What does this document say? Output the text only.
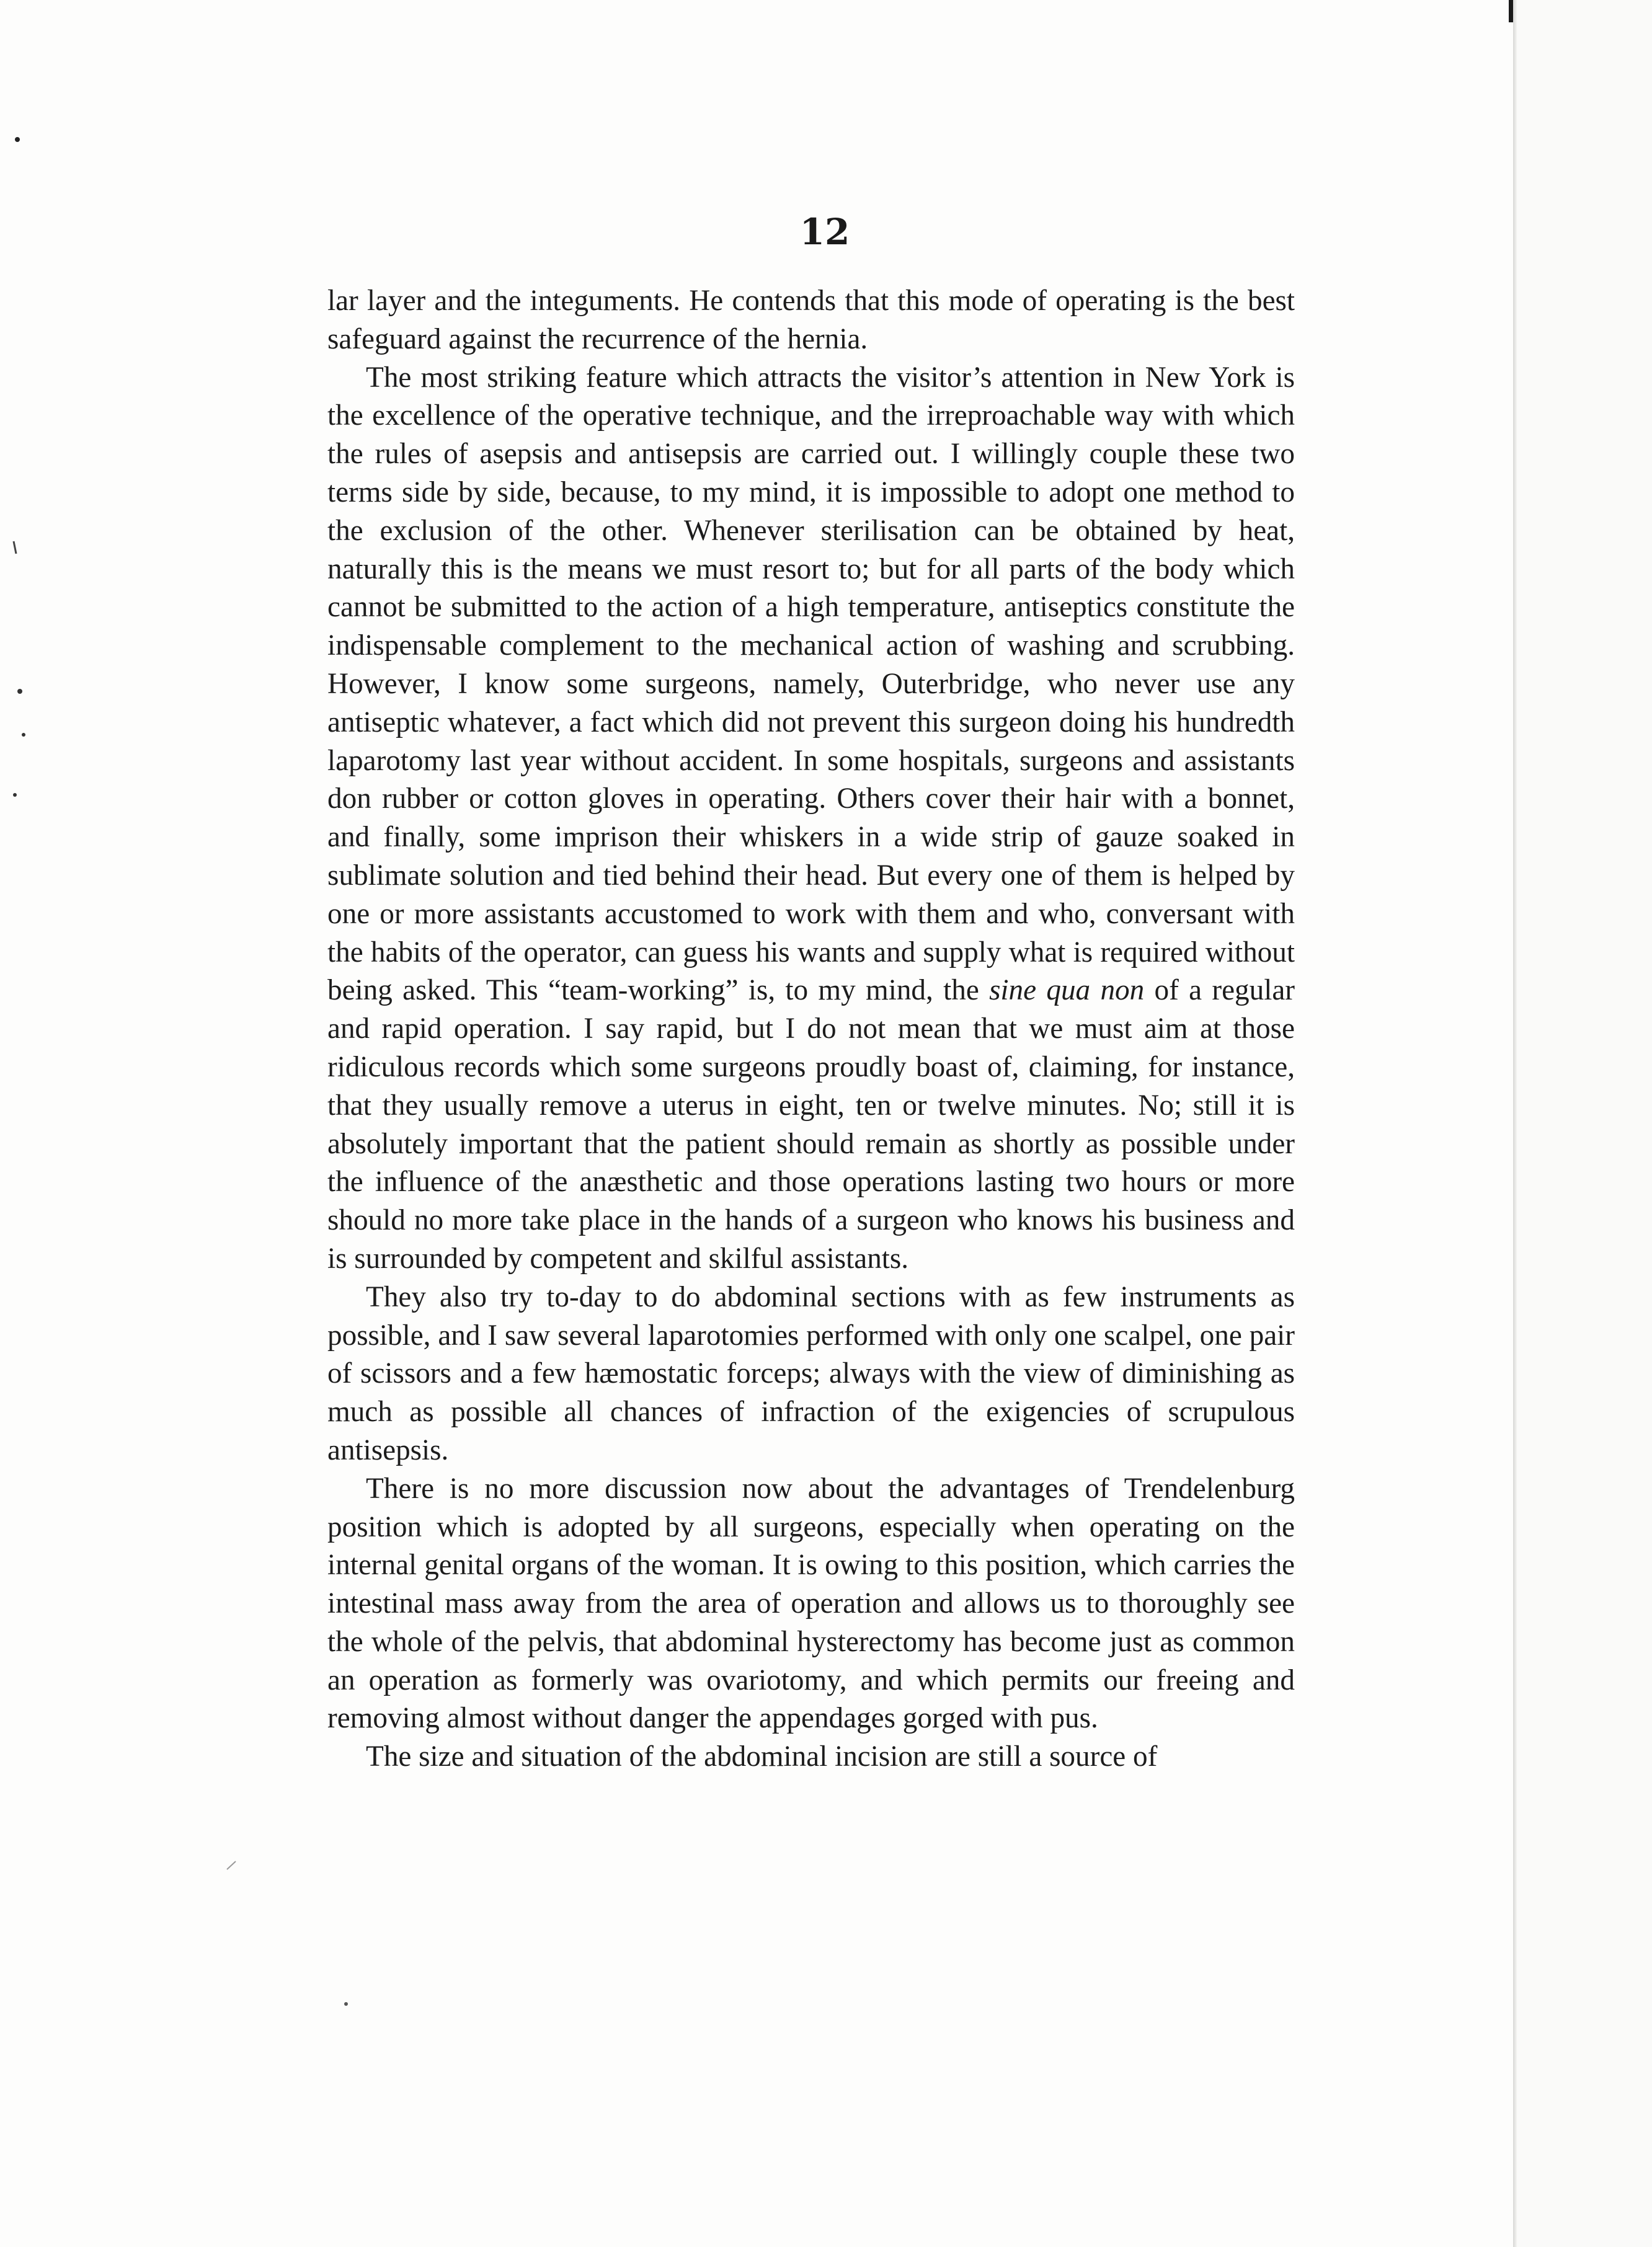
12

lar layer and the integuments. He contends that this mode of operating is the best safeguard against the recurrence of the hernia.

The most striking feature which attracts the visitor’s attention in New York is the excellence of the operative technique, and the irreproachable way with which the rules of asepsis and antisepsis are carried out. I willingly couple these two terms side by side, because, to my mind, it is impossible to adopt one method to the exclusion of the other. Whenever sterilisation can be obtained by heat, naturally this is the means we must resort to; but for all parts of the body which cannot be submitted to the action of a high temperature, antiseptics constitute the indispensable complement to the mechanical action of washing and scrubbing. However, I know some surgeons, namely, Outerbridge, who never use any antiseptic whatever, a fact which did not prevent this surgeon doing his hundredth laparotomy last year without accident. In some hospitals, surgeons and assistants don rubber or cotton gloves in operating. Others cover their hair with a bonnet, and finally, some imprison their whiskers in a wide strip of gauze soaked in sublimate solution and tied behind their head. But every one of them is helped by one or more assistants accustomed to work with them and who, conversant with the habits of the operator, can guess his wants and supply what is required without being asked. This “team-working” is, to my mind, the sine qua non of a regular and rapid operation. I say rapid, but I do not mean that we must aim at those ridiculous records which some surgeons proudly boast of, claiming, for instance, that they usually remove a uterus in eight, ten or twelve minutes. No; still it is absolutely important that the patient should remain as shortly as possible under the influence of the anæsthetic and those operations lasting two hours or more should no more take place in the hands of a surgeon who knows his business and is surrounded by competent and skilful assistants.

They also try to-day to do abdominal sections with as few instruments as possible, and I saw several laparotomies performed with only one scalpel, one pair of scissors and a few hæmostatic forceps; always with the view of diminishing as much as possible all chances of infraction of the exigencies of scrupulous antisepsis.

There is no more discussion now about the advantages of Trendelenburg position which is adopted by all surgeons, especially when operating on the internal genital organs of the woman. It is owing to this position, which carries the intestinal mass away from the area of operation and allows us to thoroughly see the whole of the pelvis, that abdominal hysterectomy has become just as common an operation as formerly was ovariotomy, and which permits our freeing and removing almost without danger the appendages gorged with pus.

The size and situation of the abdominal incision are still a source of
